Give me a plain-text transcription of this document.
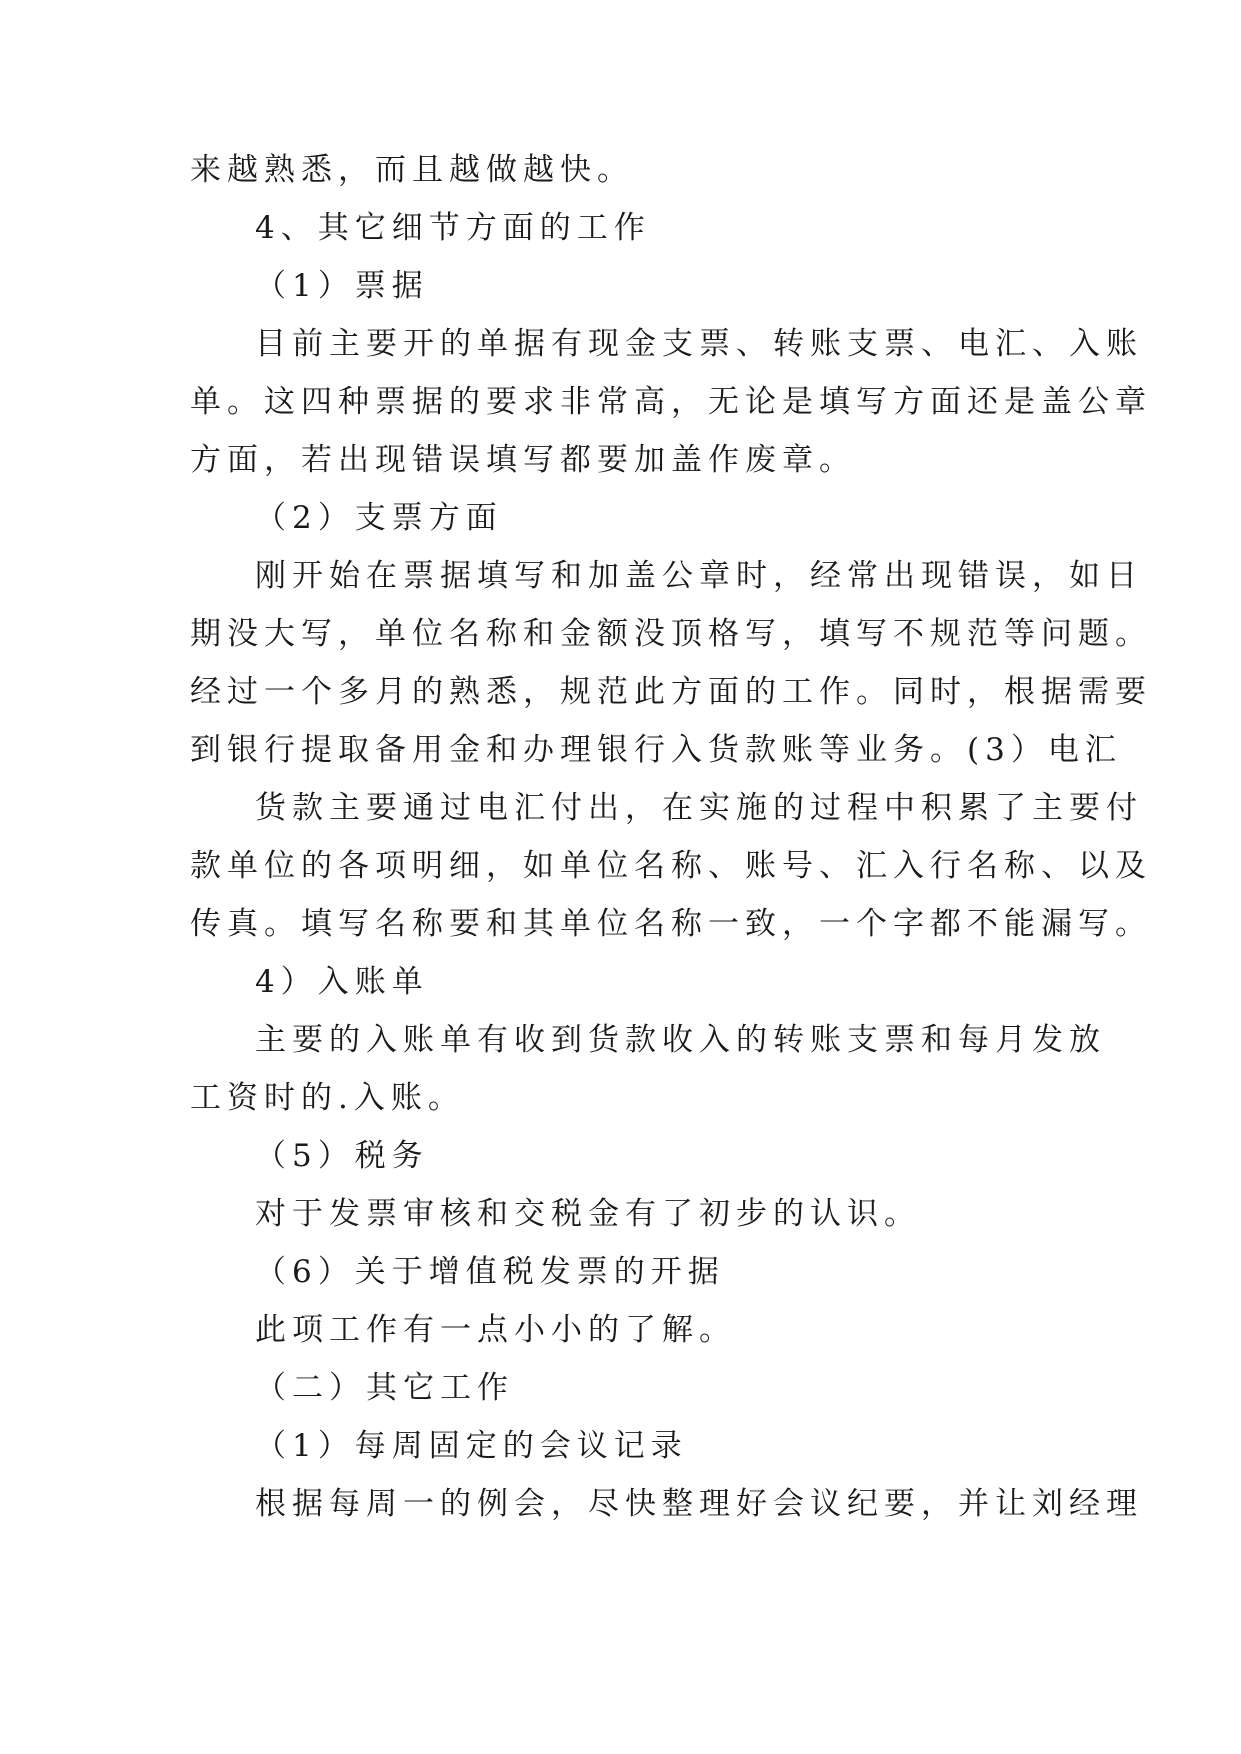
来越熟悉，而且越做越快。
4、其它细节方面的工作
（1）票据
目前主要开的单据有现金支票、转账支票、电汇、入账
单。这四种票据的要求非常高，无论是填写方面还是盖公章
方面，若出现错误填写都要加盖作废章。
（2）支票方面
刚开始在票据填写和加盖公章时，经常出现错误，如日
期没大写，单位名称和金额没顶格写，填写不规范等问题。
经过一个多月的熟悉，规范此方面的工作。同时，根据需要
到银行提取备用金和办理银行入货款账等业务。(3）电汇
货款主要通过电汇付出，在实施的过程中积累了主要付
款单位的各项明细，如单位名称、账号、汇入行名称、以及
传真。填写名称要和其单位名称一致，一个字都不能漏写。
4）入账单
主要的入账单有收到货款收入的转账支票和每月发放
工资时的.入账。
（5）税务
对于发票审核和交税金有了初步的认识。
（6）关于增值税发票的开据
此项工作有一点小小的了解。
（二）其它工作
（1）每周固定的会议记录
根据每周一的例会，尽快整理好会议纪要，并让刘经理
